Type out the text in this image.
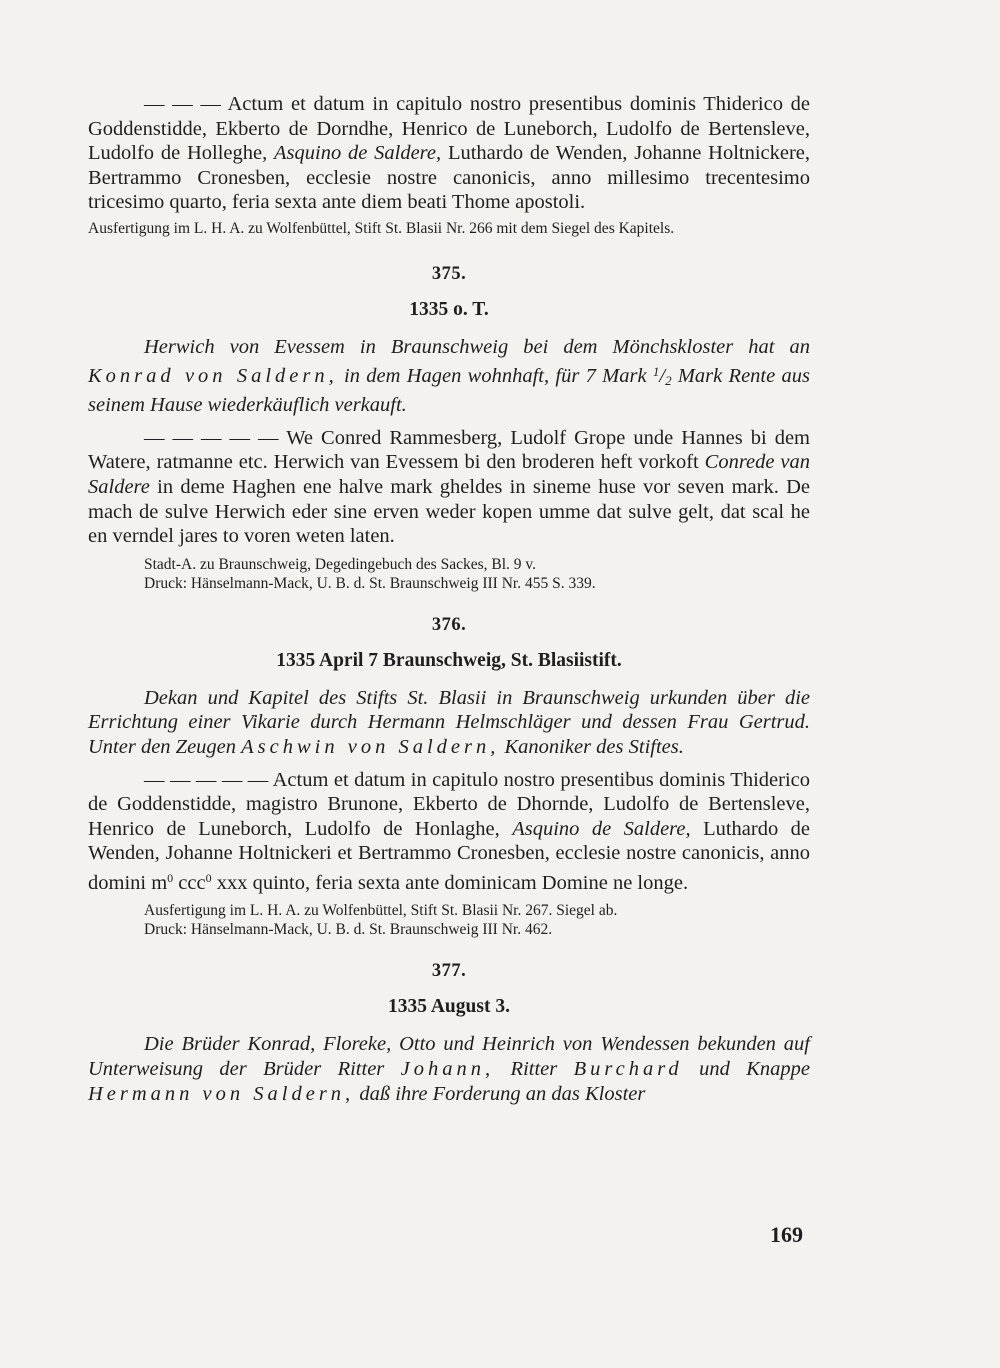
— — — Actum et datum in capitulo nostro presentibus dominis Thiderico de Goddenstidde, Ekberto de Dorndhe, Henrico de Luneborch, Ludolfo de Bertensleve, Ludolfo de Holleghe, Asquino de Saldere, Luthardo de Wenden, Johanne Holtnickere, Bertrammo Cronesben, ecclesie nostre canonicis, anno millesimo trecentesimo tricesimo quarto, feria sexta ante diem beati Thome apostoli.

Ausfertigung im L. H. A. zu Wolfenbüttel, Stift St. Blasii Nr. 266 mit dem Siegel des Kapitels.

375.
1335 o. T.

Herwich von Evessem in Braunschweig bei dem Mönchskloster hat an Konrad von Saldern, in dem Hagen wohnhaft, für 7 Mark $^1$/2 Mark Rente aus seinem Hause wiederkäuflich verkauft.

— — — — — We Conred Rammesberg, Ludolf Grope unde Hannes bi dem Watere, ratmanne etc. Herwich van Evessem bi den broderen heft vorkoft Conrede van Saldere in deme Haghen ene halve mark gheldes in sineme huse vor seven mark. De mach de sulve Herwich eder sine erven weder kopen umme dat sulve gelt, dat scal he en verndel jares to voren weten laten.

Stadt-A. zu Braunschweig, Degedingebuch des Sackes, Bl. 9 v.
Druck: Hänselmann-Mack, U. B. d. St. Braunschweig III Nr. 455 S. 339.

376.
1335 April 7 Braunschweig, St. Blasiistift.

Dekan und Kapitel des Stifts St. Blasii in Braunschweig urkunden über die Errichtung einer Vikarie durch Hermann Helmschläger und dessen Frau Gertrud. Unter den Zeugen Aschwin von Saldern, Kanoniker des Stiftes.

— — — — — Actum et datum in capitulo nostro presentibus dominis Thiderico de Goddenstidde, magistro Brunone, Ekberto de Dhornde, Ludolfo de Bertensleve, Henrico de Luneborch, Ludolfo de Honlaghe, Asquino de Saldere, Luthardo de Wenden, Johanne Holtnickeri et Bertrammo Cronesben, ecclesie nostre canonicis, anno domini $m^0$ ccc$^0$ xxx quinto, feria sexta ante dominicam Domine ne longe.

Ausfertigung im L. H. A. zu Wolfenbüttel, Stift St. Blasii Nr. 267. Siegel ab.
Druck: Hänselmann-Mack, U. B. d. St. Braunschweig III Nr. 462.

377.
1335 August 3.

Die Brüder Konrad, Floreke, Otto und Heinrich von Wendessen bekunden auf Unterweisung der Brüder Ritter Johann, Ritter Burchard und Knappe Hermann von Saldern, daß ihre Forderung an das Kloster

169
